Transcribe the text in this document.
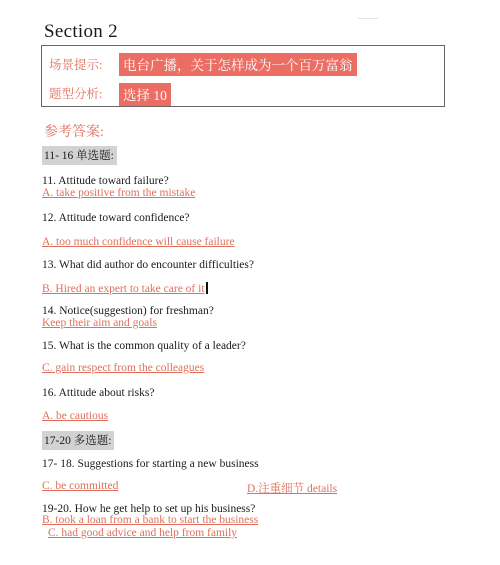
Section 2
场景提示: 电台广播，关于怎样成为一个百万富翁
题型分析: 选择 10
参考答案:
11- 16 单选题:
11. Attitude toward failure?
A. take positive from the mistake
12. Attitude toward confidence?
A. too much confidence will cause failure
13. What did author do encounter difficulties?
B. Hired an expert to take care of it
14. Notice(suggestion) for freshman?
Keep their aim and goals
15. What is the common quality of a leader?
C. gain respect from the colleagues
16. Attitude about risks?
A. be cautious
17-20 多选题:
17- 18. Suggestions for starting a new business
C. be committed	D.注重细节 details
19-20. How he get help to set up his business?
B. took a loan from a bank to start the business
C. had good advice and help from family
